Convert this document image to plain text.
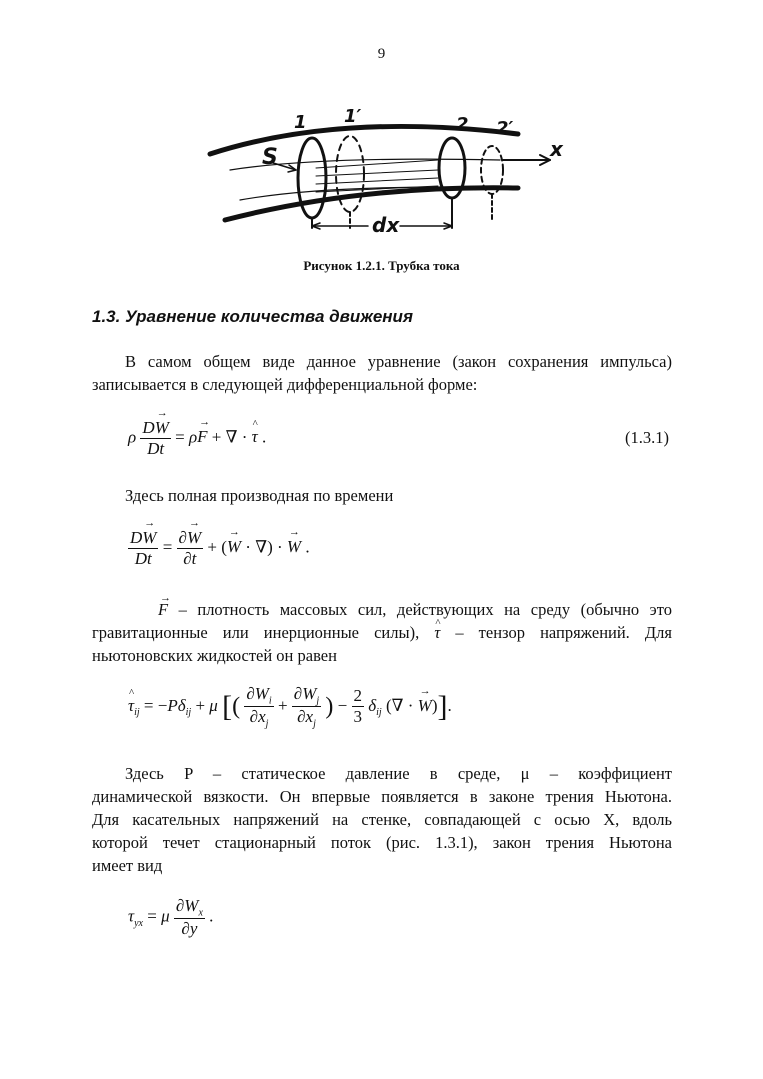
9
S
1 1′	2 2′
x
dx
Рисунок 1.2.1. Трубка тока
1.3. Уравнение количества движения
В самом общем виде данное уравнение (закон сохранения импульса)
записывается в следующей дифференциальной форме:
ρ $\frac{D\to W}{Dt} = \rho\to F$ + ∇ · ^ τ .	(1.3.1)
Здесь полная производная по времени
$\frac{D\to W}{Dt} = \frac{\partial\to W}{\partial t}$ + (→ W · ∇) · → W .
→ F – плотность массовых сил, действующих на среду (обычно это
гравитационные или инерционные силы), ^ τ – тензор напряжений. Для
ньютоновских жидкостей он равен
^ $\tau_{ij} = -P\delta_{ij} + \mu$ [( $\frac{\partial W_i}{\partial x_j} + \frac{\partial W_j}{\partial x_j}$ ) − $\frac{2}{3} \delta_{ij}$ (∇ · → W)].
Здесь P – статическое давление в среде, μ – коэффициент
динамической вязкости. Он впервые появляется в законе трения Ньютона.
Для касательных напряжений на стенке, совпадающей с осью X, вдоль
которой течет стационарный поток (рис. 1.3.1), закон трения Ньютона
имеет вид
$\tau_{yx} = \mu \frac{\partial W_x}{\partial y}$ .
